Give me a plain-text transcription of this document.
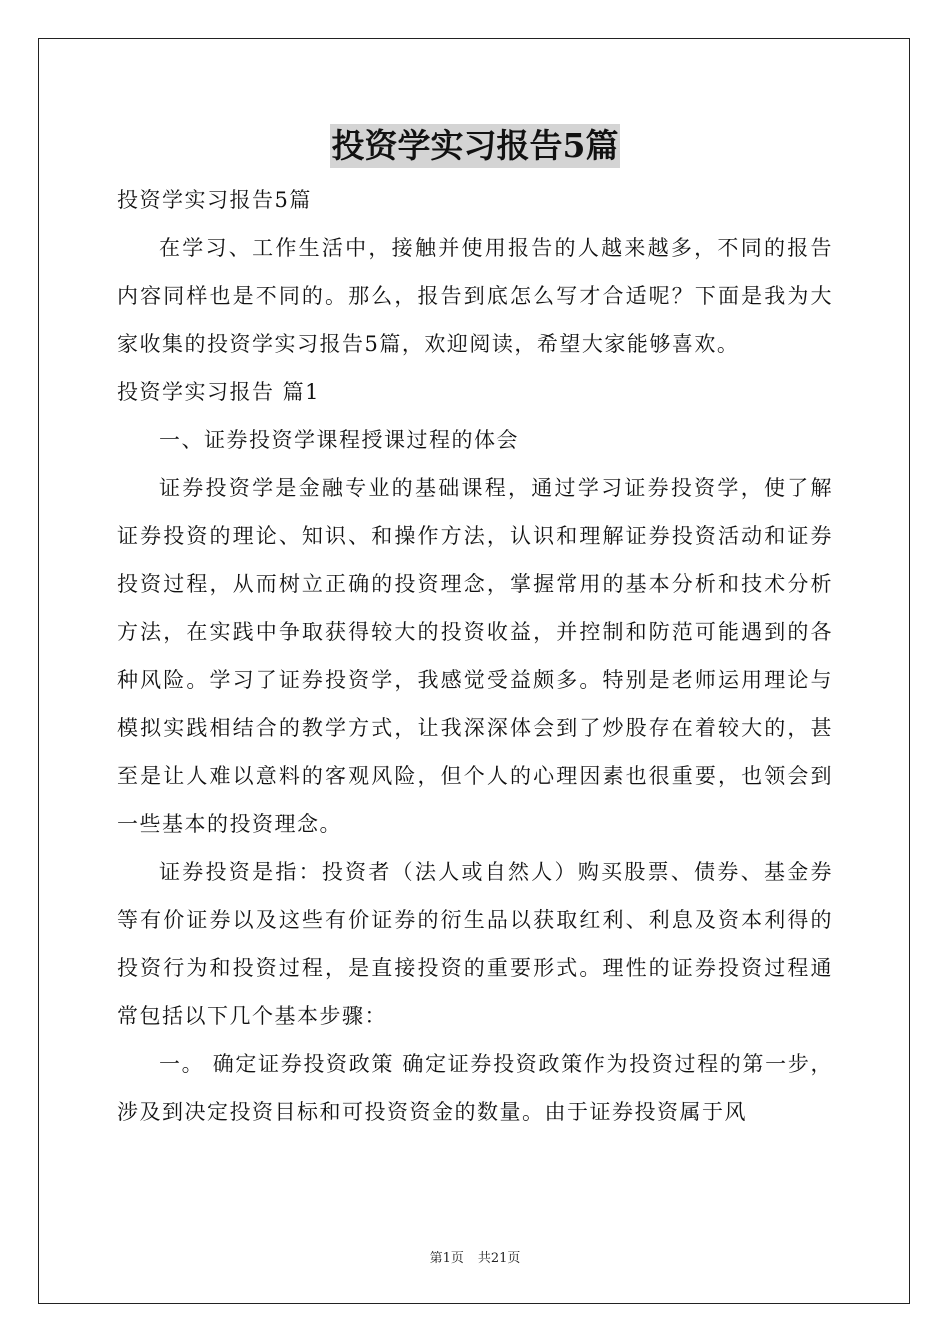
投资学实习报告5篇

投资学实习报告5篇

在学习、工作生活中，接触并使用报告的人越来越多，不同的报告内容同样也是不同的。那么，报告到底怎么写才合适呢？下面是我为大家收集的投资学实习报告5篇，欢迎阅读，希望大家能够喜欢。

投资学实习报告 篇1

一、证券投资学课程授课过程的体会

证券投资学是金融专业的基础课程，通过学习证券投资学，使了解证券投资的理论、知识、和操作方法，认识和理解证券投资活动和证券投资过程，从而树立正确的投资理念，掌握常用的基本分析和技术分析方法，在实践中争取获得较大的投资收益，并控制和防范可能遇到的各种风险。学习了证券投资学，我感觉受益颇多。特别是老师运用理论与模拟实践相结合的教学方式，让我深深体会到了炒股存在着较大的，甚至是让人难以意料的客观风险，但个人的心理因素也很重要，也领会到一些基本的投资理念。

证券投资是指：投资者（法人或自然人）购买股票、债券、基金券等有价证券以及这些有价证券的衍生品以获取红利、利息及资本利得的投资行为和投资过程，是直接投资的重要形式。理性的证券投资过程通常包括以下几个基本步骤：

一。 确定证券投资政策 确定证券投资政策作为投资过程的第一步，涉及到决定投资目标和可投资资金的数量。由于证券投资属于风

第1页 共21页
